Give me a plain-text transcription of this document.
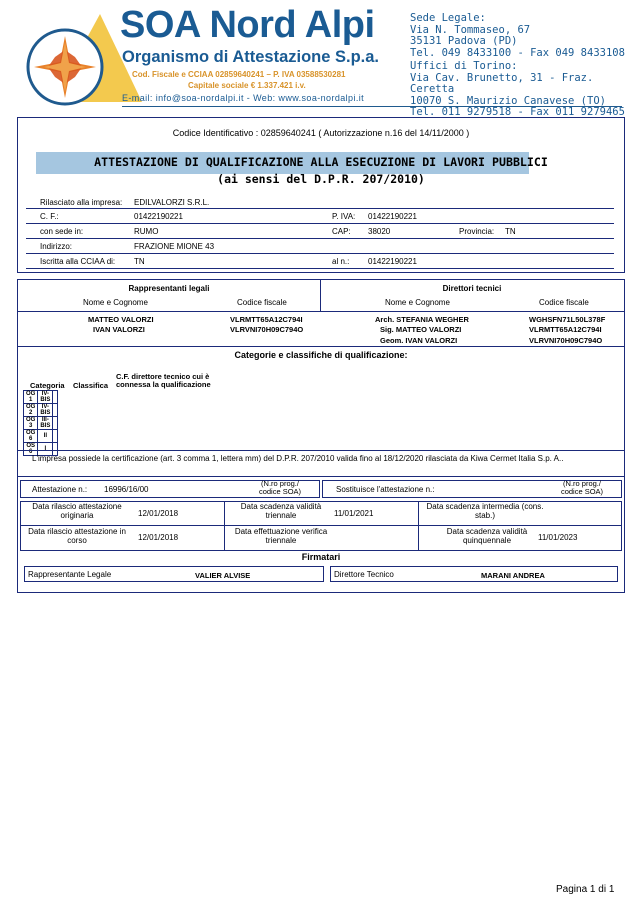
SOA Nord Alpi
Organismo di Attestazione S.p.a.
Cod. Fiscale e CCIAA 02859640241 – P. IVA 03588530281
Capitale sociale € 1.337.421 i.v.
E-mail: info@soa-nordalpi.it - Web: www.soa-nordalpi.it
Sede Legale:
Via N. Tommaseo, 67
35131 Padova (PD)
Tel. 049 8433100 - Fax 049 8433108
Uffici di Torino:
Via Cav. Brunetto, 31 - Fraz. Ceretta
10070 S. Maurizio Canavese (TO)
Tel. 011 9279518 - Fax 011 9279465
Codice Identificativo : 02859640241 ( Autorizzazione n.16 del 14/11/2000 )
ATTESTAZIONE DI QUALIFICAZIONE ALLA ESECUZIONE DI LAVORI PUBBLICI
(ai sensi del D.P.R. 207/2010)
Rilasciato alla impresa: EDILVALORZI S.R.L.
C. F.:	01422190221	P. IVA: 01422190221
con sede in:	RUMO	CAP: 38020	Provincia: TN
Indirizzo:	FRAZIONE MIONE 43
Iscritta alla CCIAA di: TN	al n.: 01422190221
Rappresentanti legali	Direttori tecnici
Nome e Cognome	Codice fiscale	Nome e Cognome	Codice fiscale
MATTEO VALORZI	VLRMTT65A12C794I
IVAN VALORZI	VLRVNI70H09C794O
Arch. STEFANIA WEGHER	WGHSFN71L50L378F
Sig. MATTEO VALORZI	VLRMTT65A12C794I
Geom. IVAN VALORZI	VLRVNI70H09C794O
Categorie e classifiche di qualificazione:
Categoria Classifica
C.F. direttore tecnico cui è connessa la qualificazione
OG 1	IV-BIS	
OG 2	IV-BIS	
OG 3	III-BIS	
OG 6	II	
OS 6	I	
L'impresa possiede la certificazione (art. 3 comma 1, lettera mm) del D.P.R. 207/2010 valida fino al 18/12/2020 rilasciata da Kiwa Cermet Italia S.p. A..
Attestazione n.: 16996/16/00
(N.ro prog./
codice SOA)	Sostituisce l'attestazione n.:
(N.ro prog./
codice SOA)
Data rilascio attestazione originaria	12/01/2018
Data scadenza validità triennale	11/01/2021
Data scadenza intermedia (cons. stab.)
Data rilascio attestazione in corso	12/01/2018
Data effettuazione verifica triennale
Data scadenza validità quinquennale	11/01/2023
Firmatari
Rappresentante Legale	VALIER ALVISE	Direttore Tecnico	MARANI ANDREA
Pagina 1 di 1
